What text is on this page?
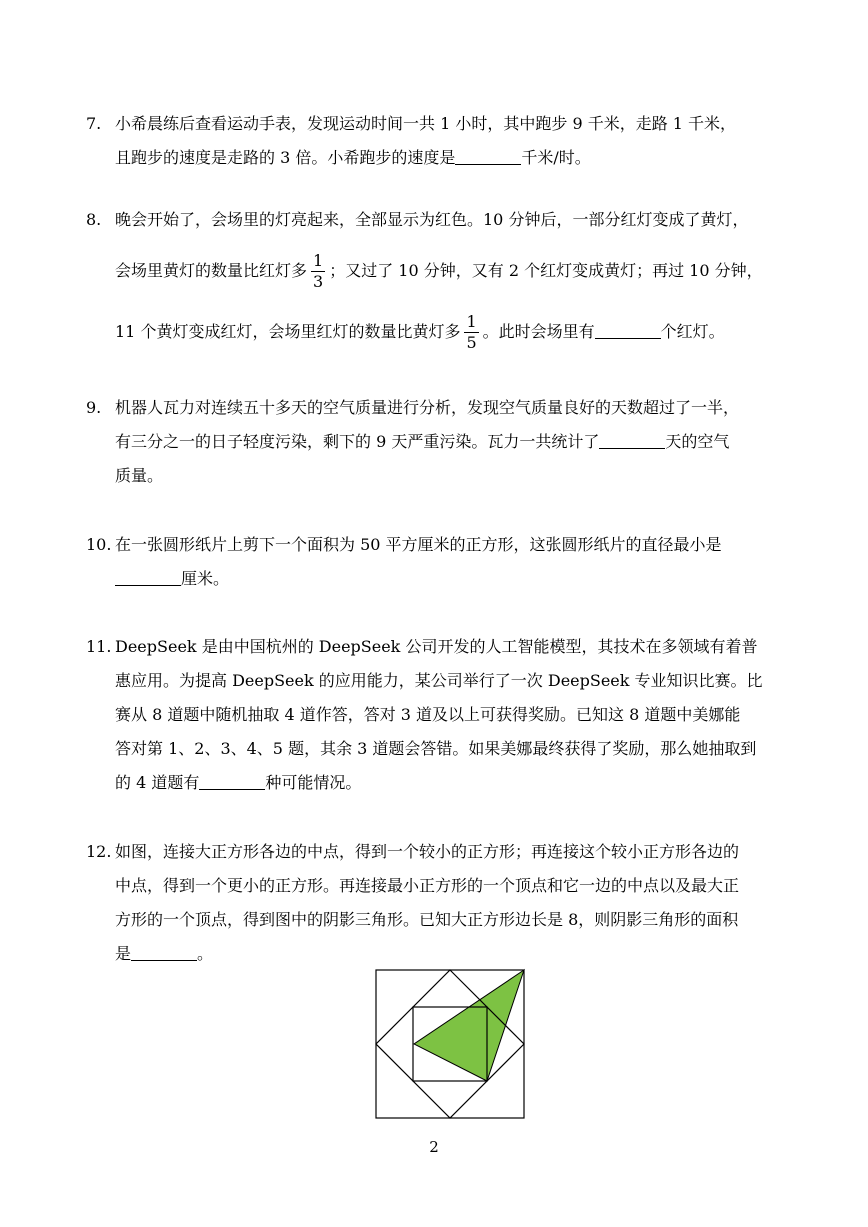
7. 小希晨练后查看运动手表，发现运动时间一共 1 小时，其中跑步 9 千米，走路 1 千米，
且跑步的速度是走路的 3 倍。小希跑步的速度是	千米/时。
8. 晚会开始了，会场里的灯亮起来，全部显示为红色。10 分钟后，一部分红灯变成了黄灯，
会场里黄灯的数量比红灯多 $\frac{1}{3}$ ；又过了 10 分钟，又有 2 个红灯变成黄灯；再过 10 分钟，
11 个黄灯变成红灯，会场里红灯的数量比黄灯多 $\frac{1}{5}$ 。此时会场里有	个红灯。
9. 机器人瓦力对连续五十多天的空气质量进行分析，发现空气质量良好的天数超过了一半，
有三分之一的日子轻度污染，剩下的 9 天严重污染。瓦力一共统计了	天的空气
质量。
10. 在一张圆形纸片上剪下一个面积为 50 平方厘米的正方形，这张圆形纸片的直径最小是
厘米。
11. DeepSeek 是由中国杭州的 DeepSeek 公司开发的人工智能模型，其技术在多领域有着普
惠应用。为提高 DeepSeek 的应用能力，某公司举行了一次 DeepSeek 专业知识比赛。比
赛从 8 道题中随机抽取 4 道作答，答对 3 道及以上可获得奖励。已知这 8 道题中美娜能
答对第 1、2、3、4、5 题，其余 3 道题会答错。如果美娜最终获得了奖励，那么她抽取到
的 4 道题有	种可能情况。
12. 如图，连接大正方形各边的中点，得到一个较小的正方形；再连接这个较小正方形各边的
中点，得到一个更小的正方形。再连接最小正方形的一个顶点和它一边的中点以及最大正
方形的一个顶点，得到图中的阴影三角形。已知大正方形边长是 8，则阴影三角形的面积
是	。
2
